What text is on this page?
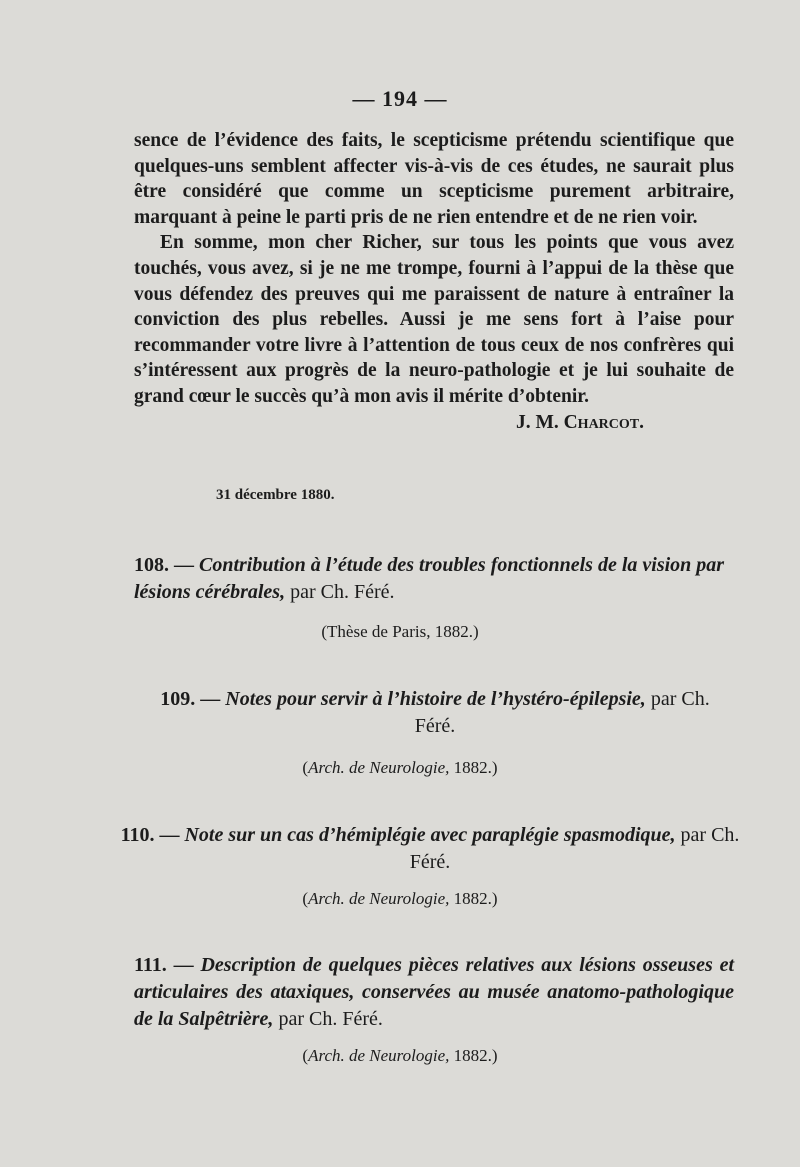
— 194 —

sence de l’évidence des faits, le scepticisme prétendu scientifique que quelques-uns semblent affecter vis-à-vis de ces études, ne saurait plus être considéré que comme un scepticisme purement arbitraire, marquant à peine le parti pris de ne rien entendre et de ne rien voir.

En somme, mon cher Richer, sur tous les points que vous avez touchés, vous avez, si je ne me trompe, fourni à l’appui de la thèse que vous défendez des preuves qui me paraissent de nature à entraîner la conviction des plus rebelles. Aussi je me sens fort à l’aise pour recommander votre livre à l’attention de tous ceux de nos confrères qui s’intéressent aux progrès de la neuro-pathologie et je lui souhaite de grand cœur le succès qu’à mon avis il mérite d’obtenir.

J. M. Charcot.
31 décembre 1880.
108. — Contribution à l’étude des troubles fonctionnels de la vision par lésions cérébrales, par Ch. Féré.
(Thèse de Paris, 1882.)
109. — Notes pour servir à l’histoire de l’hystéro-épilepsie, par Ch. Féré.
(Arch. de Neurologie, 1882.)
110. — Note sur un cas d’hémiplégie avec paraplégie spasmodique, par Ch. Féré.
(Arch. de Neurologie, 1882.)
111. — Description de quelques pièces relatives aux lésions osseuses et articulaires des ataxiques, conservées au musée anatomo-pathologique de la Salpêtrière, par Ch. Féré.
(Arch. de Neurologie, 1882.)
